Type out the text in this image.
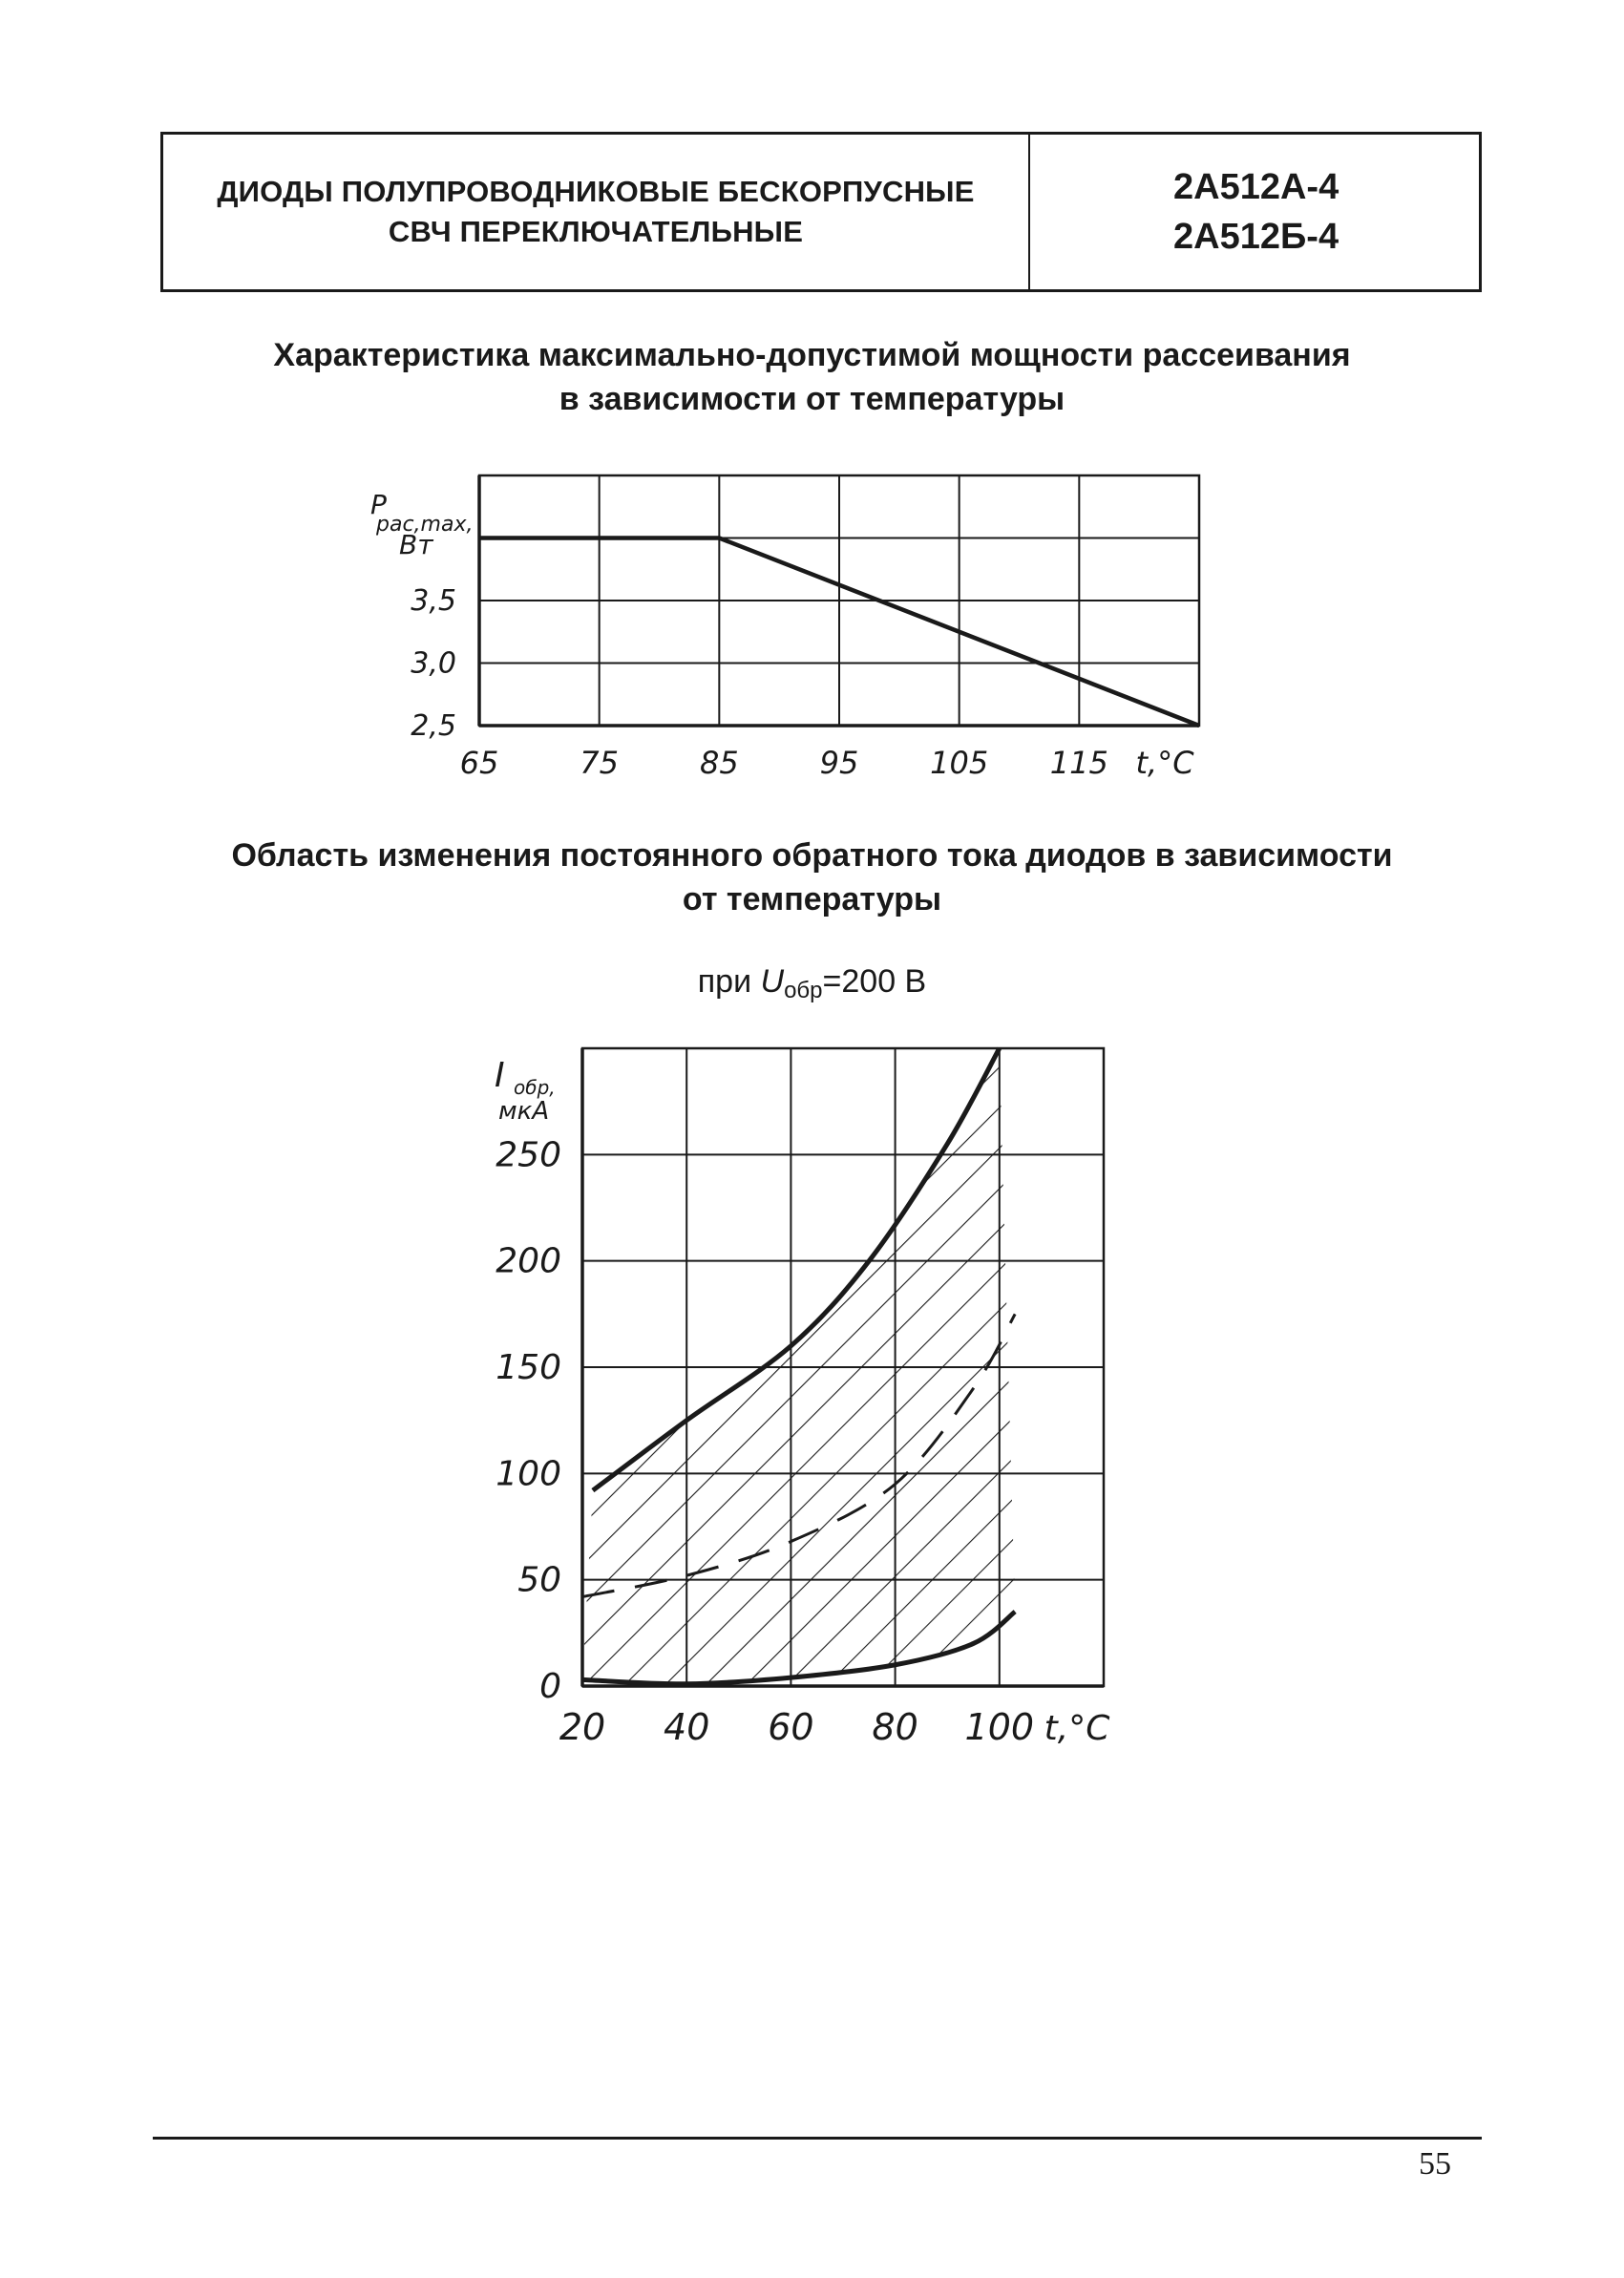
ДИОДЫ ПОЛУПРОВОДНИКОВЫЕ БЕСКОРПУСНЫЕ
СВЧ ПЕРЕКЛЮЧАТЕЛЬНЫЕ
2А512А-4
2А512Б-4
Характеристика максимально-допустимой мощности рассеивания
в зависимости от температуры
65	75	85	95 105 115 t,°C
2,5
3,0
3,5
P
рас,max,
Вт
Область изменения постоянного обратного тока диодов в зависимости
от температуры
при $U_{обр}=200$ В
20 40 60 80 100 t,°C
0
50
100
150
200
250
I обр,
мкА
55
